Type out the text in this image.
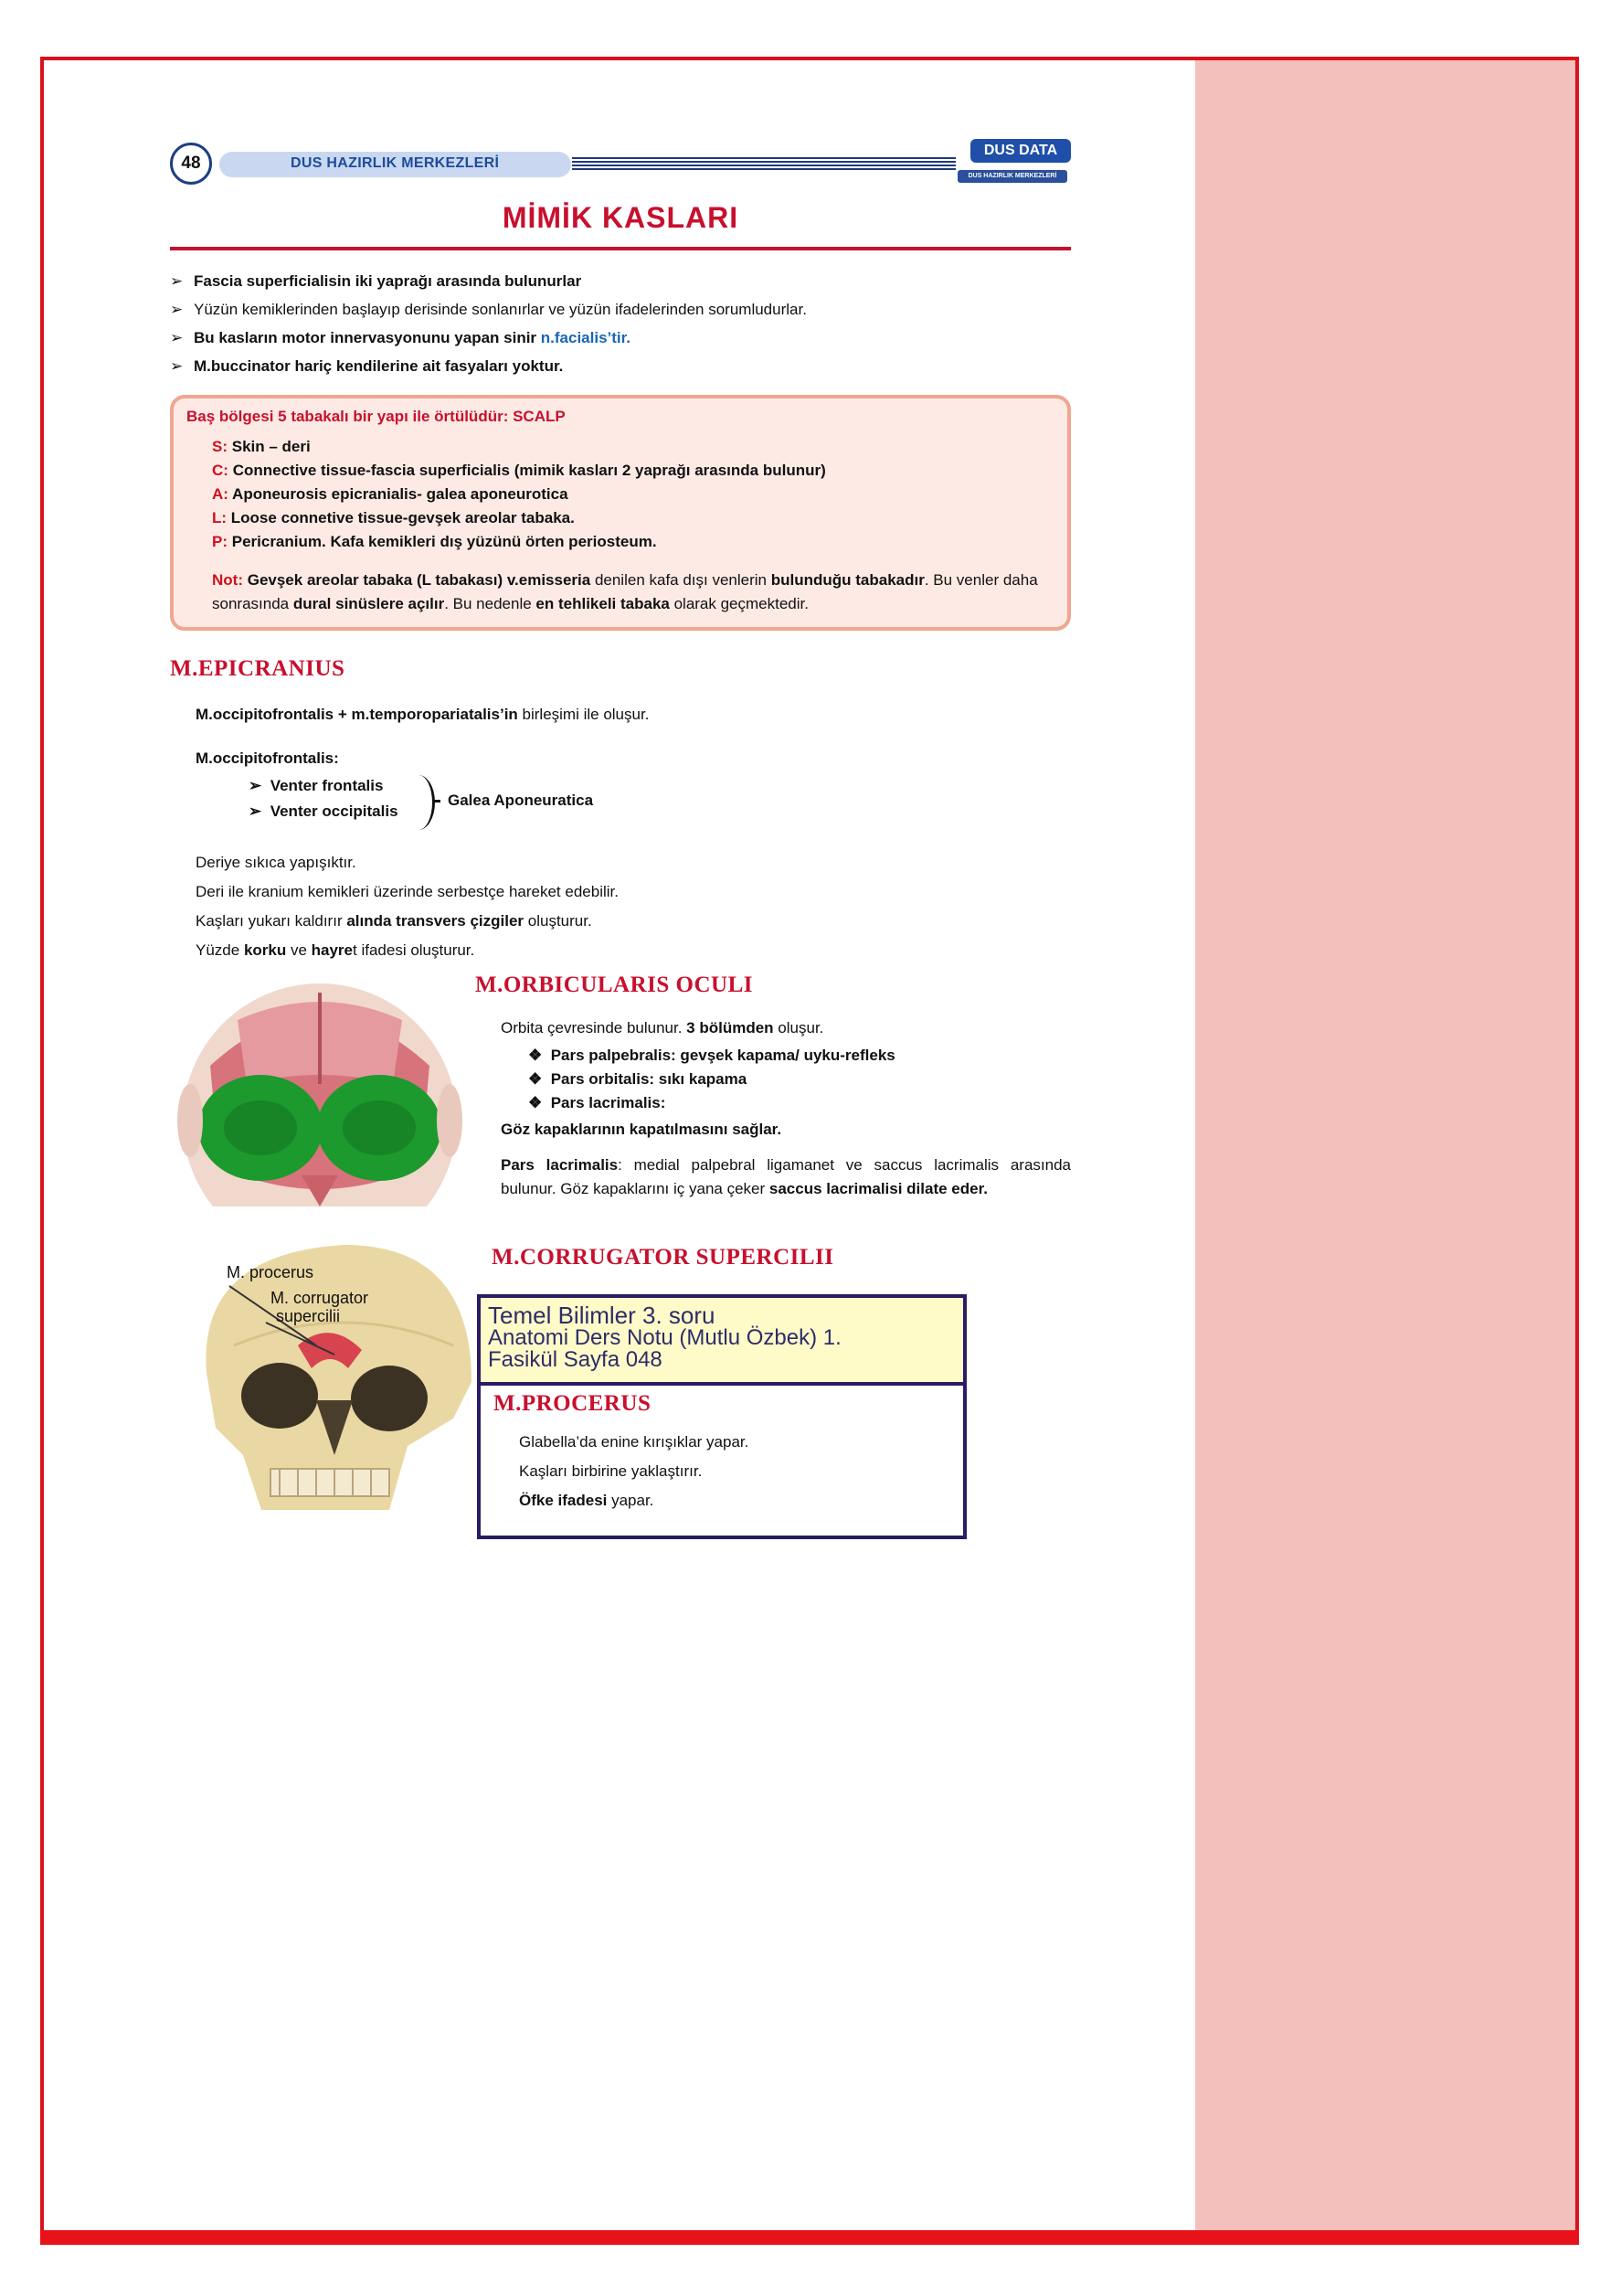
48	DUS HAZIRLIK MERKEZLERİ
DUS DATA
DUS HAZIRLIK MERKEZLERİ
MİMİK KASLARI
➢ Fascia superficialisin iki yaprağı arasında bulunurlar
➢ Yüzün kemiklerinden başlayıp derisinde sonlanırlar ve yüzün ifadelerinden sorumludurlar.
➢ Bu kasların motor innervasyonunu yapan sinir n.facialis’tir.
➢ M.buccinator hariç kendilerine ait fasyaları yoktur.
Baş bölgesi 5 tabakalı bir yapı ile örtülüdür: SCALP
S: Skin – deri
C: Connective tissue-fascia superficialis (mimik kasları 2 yaprağı arasında bulunur)
A: Aponeurosis epicranialis- galea aponeurotica
L: Loose connetive tissue-gevşek areolar tabaka.
P: Pericranium. Kafa kemikleri dış yüzünü örten periosteum.
Not: Gevşek areolar tabaka (L tabakası) v.emisseria denilen kafa dışı venlerin bulunduğu tabakadır. Bu venler daha sonrasında dural sinüslere açılır. Bu nedenle en tehlikeli tabaka olarak geçmektedir.
M.EPICRANIUS
M.occipitofrontalis + m.temporopariatalis’in birleşimi ile oluşur.
M.occipitofrontalis:
➢  Venter frontalis
➢  Venter occipitalis
Galea Aponeuratica
Deriye sıkıca yapışıktır.
Deri ile kranium kemikleri üzerinde serbestçe hareket edebilir.
Kaşları yukarı kaldırır alında transvers çizgiler oluşturur.
Yüzde korku ve hayret ifadesi oluşturur.
M.ORBICULARIS OCULI
Orbita çevresinde bulunur. 3 bölümden oluşur.
❖ Pars palpebralis: gevşek kapama/ uyku-refleks
❖ Pars orbitalis: sıkı kapama
❖ Pars lacrimalis:
Göz kapaklarının kapatılmasını sağlar.
Pars lacrimalis: medial palpebral ligamanet ve saccus lacrimalis arasında bulunur. Göz kapaklarını iç yana çeker saccus lacrimalisi dilate eder.
M.CORRUGATOR SUPERCILII
M. procerus
M. corrugator
supercilii
M.PROCERUS
Glabella’da enine kırışıklar yapar.
Kaşları birbirine yaklaştırır.
Öfke ifadesi yapar.
Temel Bilimler 3. soru
Anatomi Ders Notu (Mutlu Özbek) 1.
Fasikül Sayfa 048
